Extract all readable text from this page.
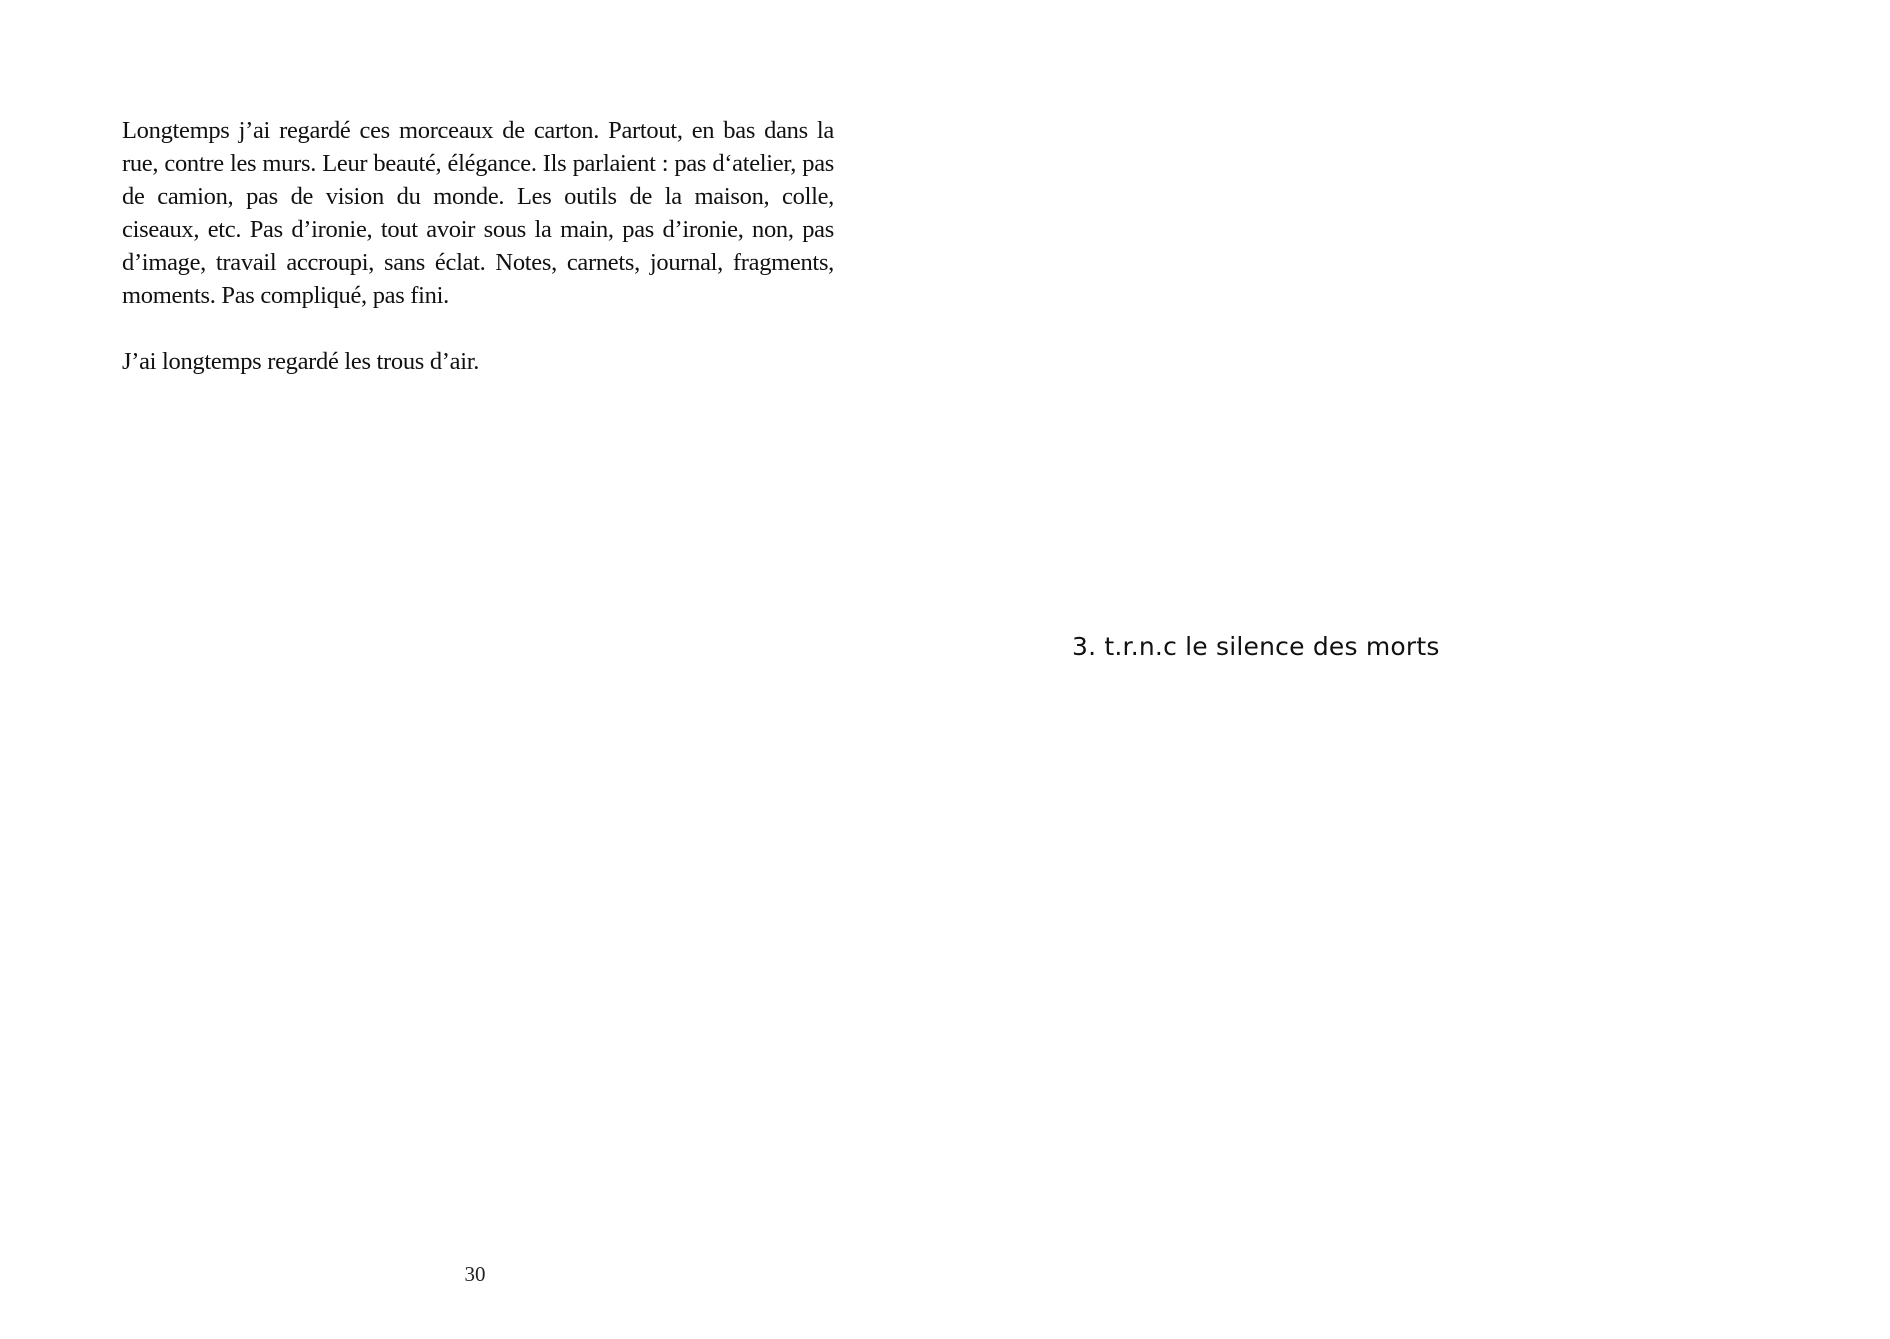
Longtemps j’ai regardé ces morceaux de carton. Partout, en bas dans la rue, contre les murs. Leur beauté, élégance. Ils parlaient : pas d‘atelier, pas de camion, pas de vision du monde. Les outils de la maison, colle, ciseaux, etc. Pas d’ironie, tout avoir sous la main, pas d’ironie, non, pas d’image, travail accroupi, sans éclat. Notes, carnets, journal, fragments, moments. Pas compliqué, pas fini.

J’ai longtemps regardé les trous d’air.

30
3. t.r.n.c le silence des morts
